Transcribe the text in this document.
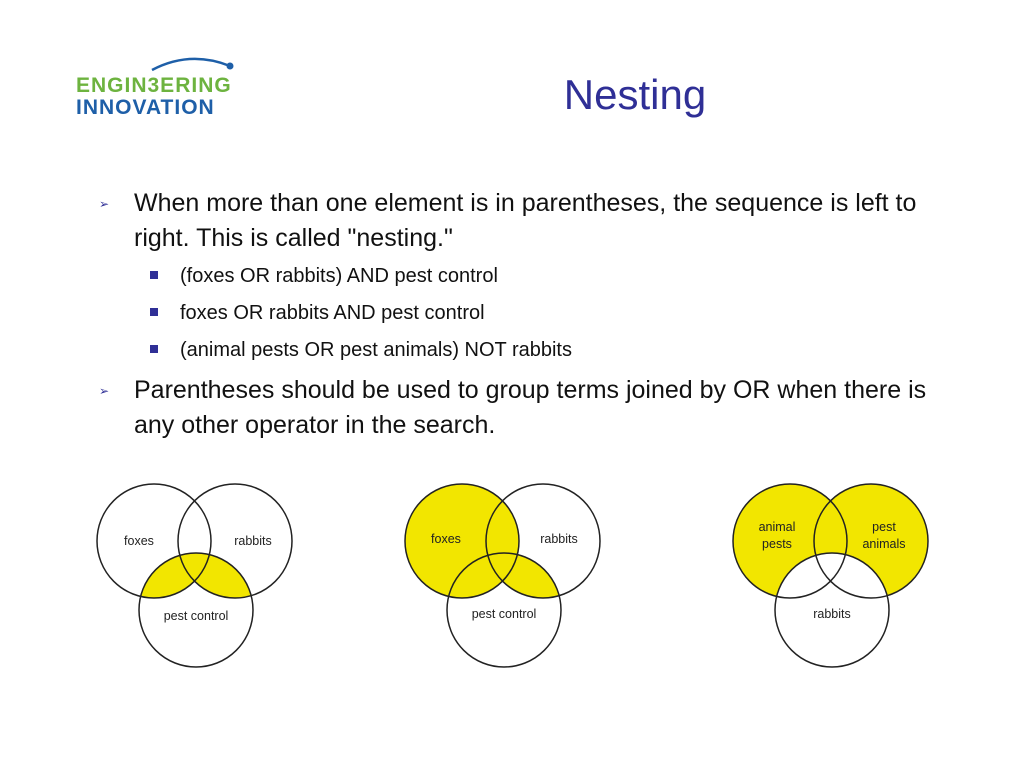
ENGIN3ERING
INNOVATION	Nesting
➢ When more than one element is in parentheses, the sequence is left to right. This is called "nesting."
(foxes OR rabbits) AND pest control
foxes OR rabbits AND pest control
(animal pests OR pest animals) NOT rabbits
➢ Parentheses should be used to group terms joined by OR when there is any other operator in the search.
foxes	rabbits
pest control
foxes	rabbits
pest control
animal
pests
pest
animals
rabbits
